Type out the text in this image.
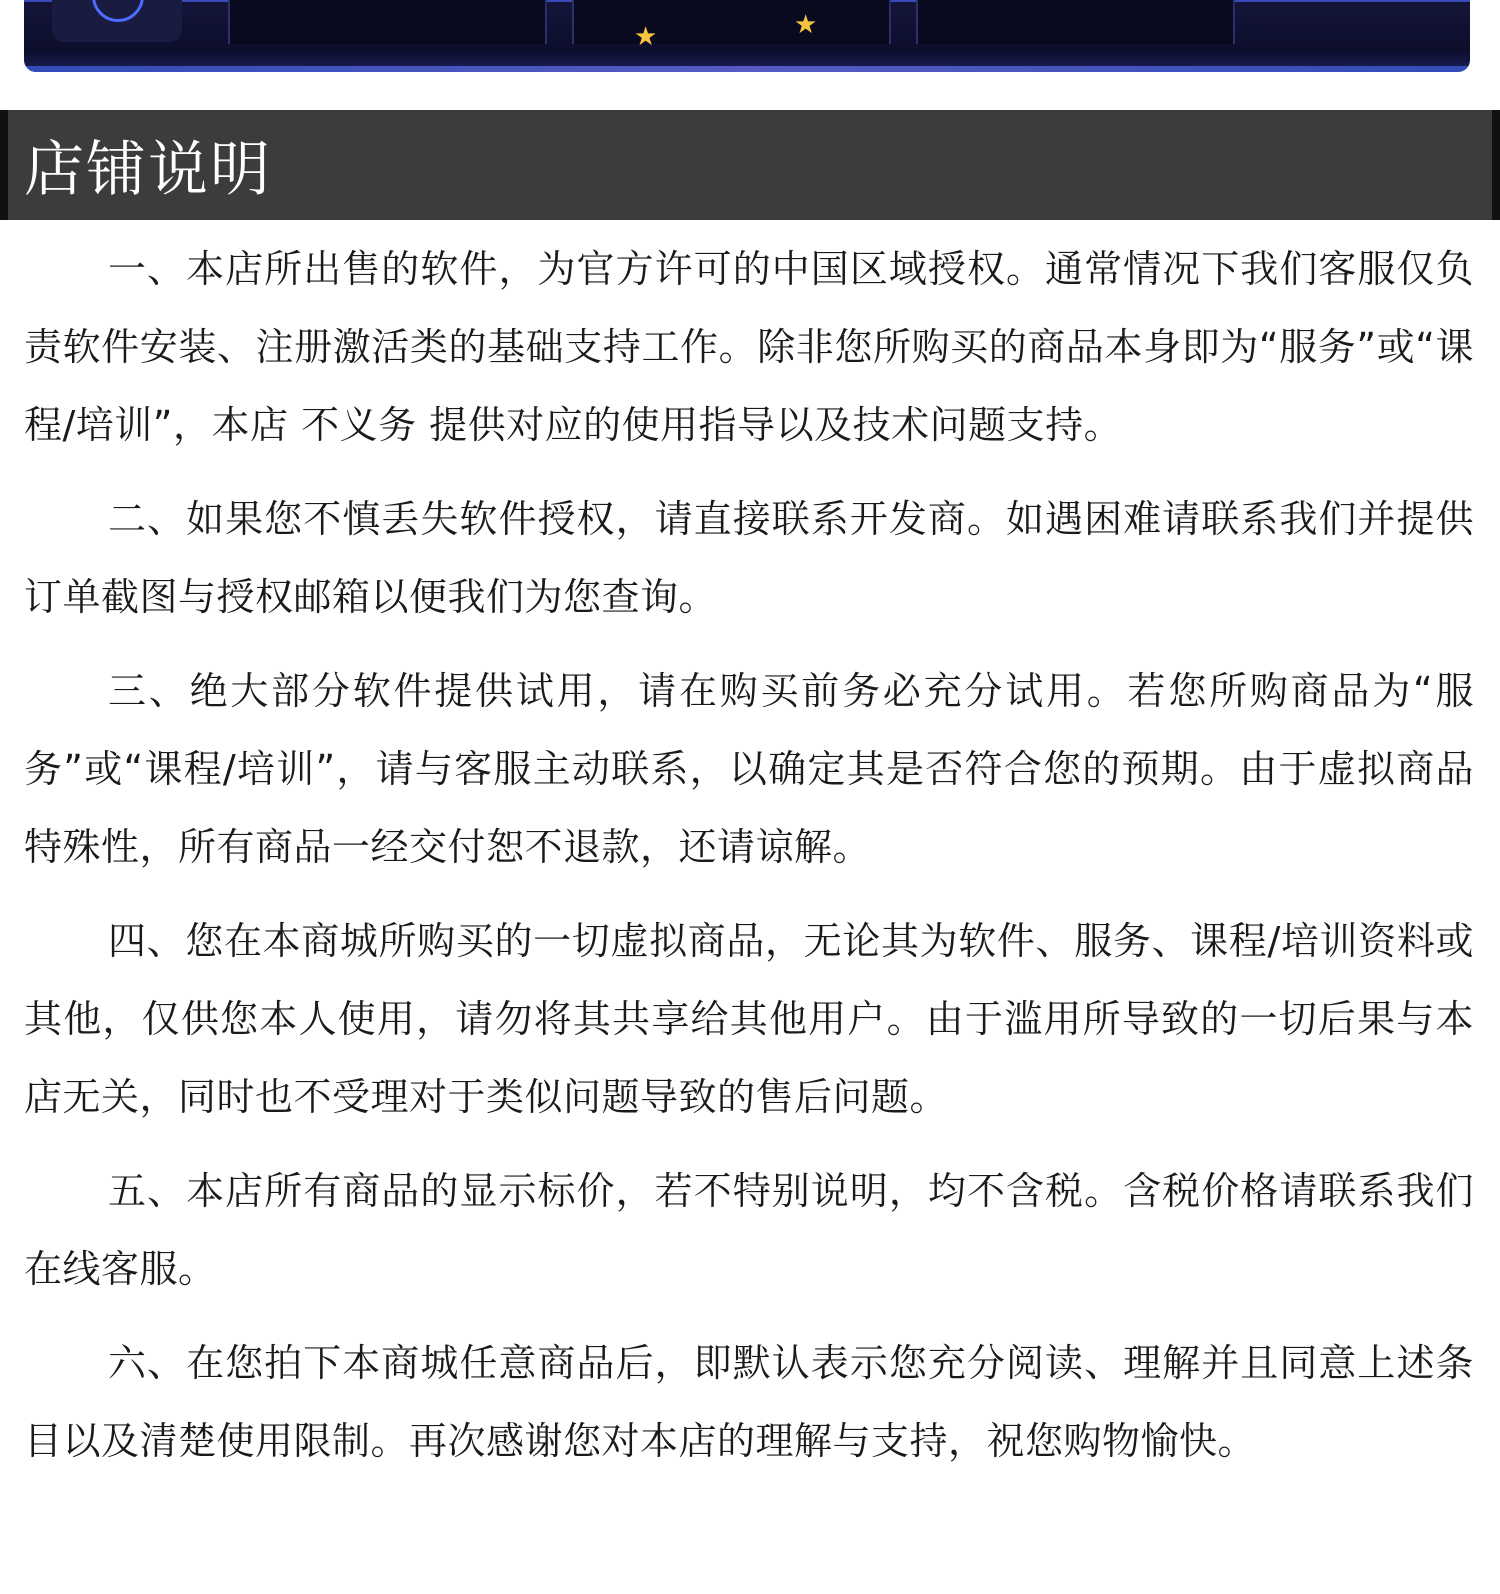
★	★
店铺说明

一、本店所出售的软件，为官方许可的中国区域授权。通常情况下我们客服仅负责软件安装、注册激活类的基础支持工作。除非您所购买的商品本身即为“服务”或“课程/培训”，本店 不义务 提供对应的使用指导以及技术问题支持。

二、如果您不慎丢失软件授权，请直接联系开发商。如遇困难请联系我们并提供订单截图与授权邮箱以便我们为您查询。

三、绝大部分软件提供试用，请在购买前务必充分试用。若您所购商品为“服务”或“课程/培训”，请与客服主动联系，以确定其是否符合您的预期。由于虚拟商品特殊性，所有商品一经交付恕不退款，还请谅解。

四、您在本商城所购买的一切虚拟商品，无论其为软件、服务、课程/培训资料或其他，仅供您本人使用，请勿将其共享给其他用户。由于滥用所导致的一切后果与本店无关，同时也不受理对于类似问题导致的售后问题。

五、本店所有商品的显示标价，若不特别说明，均不含税。含税价格请联系我们在线客服。

六、在您拍下本商城任意商品后，即默认表示您充分阅读、理解并且同意上述条目以及清楚使用限制。再次感谢您对本店的理解与支持，祝您购物愉快。
